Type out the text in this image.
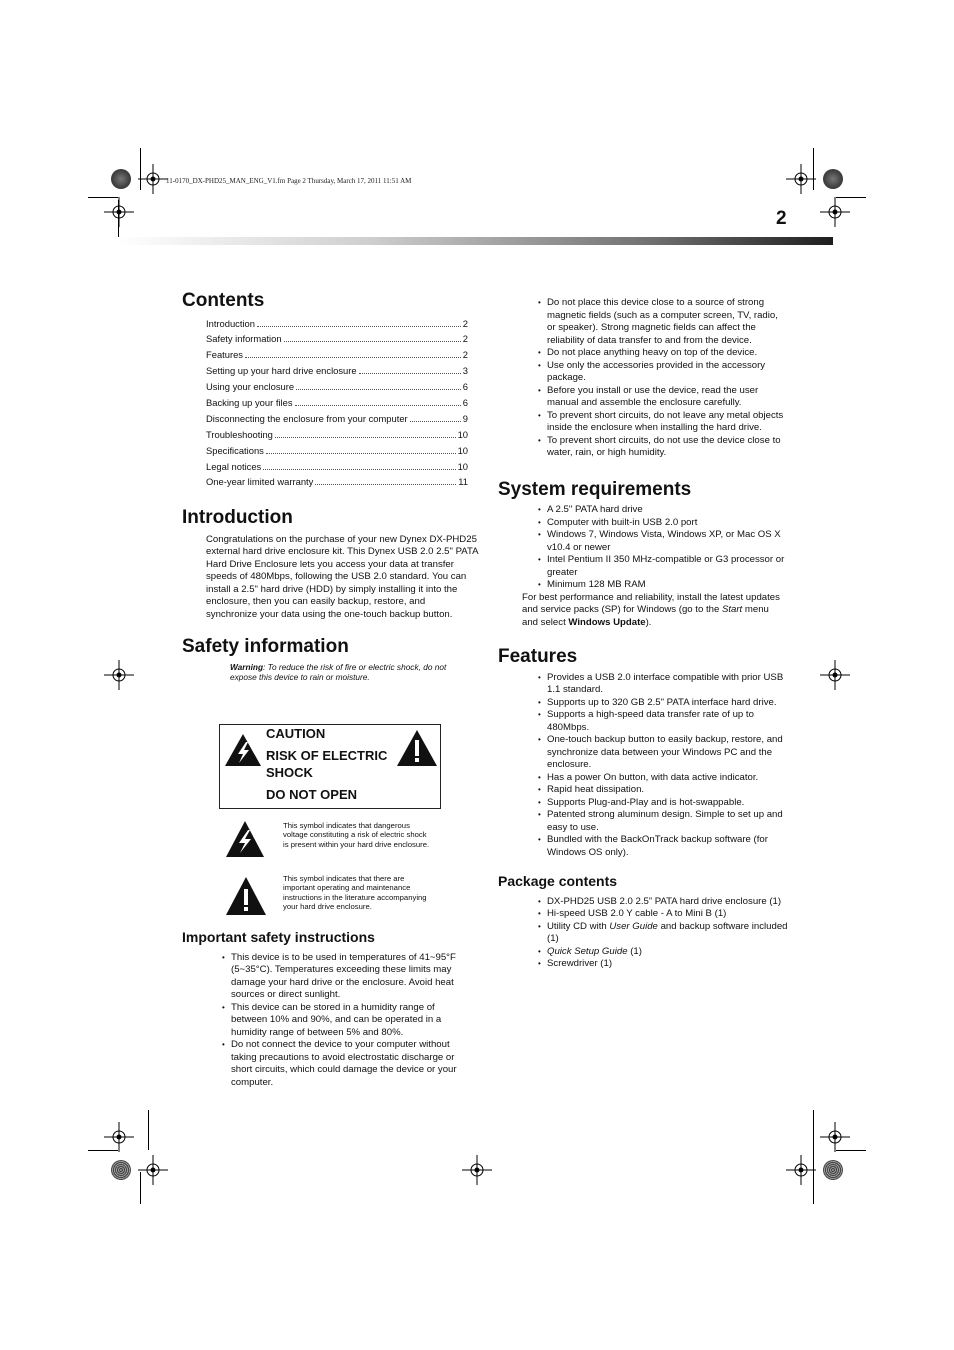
11-0170_DX-PHD25_MAN_ENG_V1.fm Page 2 Thursday, March 17, 2011 11:51 AM
2
Contents
Introduction	2
Safety information	2
Features	2
Setting up your hard drive enclosure	3
Using your enclosure	6
Backing up your files	6
Disconnecting the enclosure from your computer	9
Troubleshooting	10
Specifications	10
Legal notices	10
One-year limited warranty	11
Introduction

Congratulations on the purchase of your new Dynex DX-PHD25 external hard drive enclosure kit. This Dynex USB 2.0 2.5" PATA Hard Drive Enclosure lets you access your data at transfer speeds of 480Mbps, following the USB 2.0 standard. You can install a 2.5" hard drive (HDD) by simply installing it into the enclosure, then you can easily backup, restore, and synchronize your data using the one-touch backup button.

Safety information

Warning: To reduce the risk of fire or electric shock, do not expose this device to rain or moisture.

CAUTION
RISK OF ELECTRIC
SHOCK
DO NOT OPEN
This symbol indicates that dangerous voltage constituting a risk of electric shock is present within your hard drive enclosure.
This symbol indicates that there are important operating and maintenance instructions in the literature accompanying your hard drive enclosure.
Important safety instructions
• This device is to be used in temperatures of 41~95°F (5~35°C). Temperatures exceeding these limits may damage your hard drive or the enclosure. Avoid heat sources or direct sunlight.
• This device can be stored in a humidity range of between 10% and 90%, and can be operated in a humidity range of between 5% and 80%.
• Do not connect the device to your computer without taking precautions to avoid electrostatic discharge or short circuits, which could damage the device or your computer.
• Do not place this device close to a source of strong magnetic fields (such as a computer screen, TV, radio, or speaker). Strong magnetic fields can affect the reliability of data transfer to and from the device.
• Do not place anything heavy on top of the device.
• Use only the accessories provided in the accessory package.
• Before you install or use the device, read the user manual and assemble the enclosure carefully.
• To prevent short circuits, do not leave any metal objects inside the enclosure when installing the hard drive.
• To prevent short circuits, do not use the device close to water, rain, or high humidity.
System requirements
• A 2.5" PATA hard drive
• Computer with built-in USB 2.0 port
• Windows 7, Windows Vista, Windows XP, or Mac OS X v10.4 or newer
• Intel Pentium II 350 MHz-compatible or G3 processor or greater
• Minimum 128 MB RAM

For best performance and reliability, install the latest updates and service packs (SP) for Windows (go to the Start menu and select Windows Update).

Features
• Provides a USB 2.0 interface compatible with prior USB 1.1 standard.
• Supports up to 320 GB 2.5" PATA interface hard drive.
• Supports a high-speed data transfer rate of up to 480Mbps.
• One-touch backup button to easily backup, restore, and synchronize data between your Windows PC and the enclosure.
• Has a power On button, with data active indicator.
• Rapid heat dissipation.
• Supports Plug-and-Play and is hot-swappable.
• Patented strong aluminum design. Simple to set up and easy to use.
• Bundled with the BackOnTrack backup software (for Windows OS only).
Package contents
• DX-PHD25 USB 2.0 2.5” PATA hard drive enclosure (1)
• Hi-speed USB 2.0 Y cable - A to Mini B (1)
• Utility CD with User Guide and backup software included (1)
• Quick Setup Guide (1)
• Screwdriver (1)
